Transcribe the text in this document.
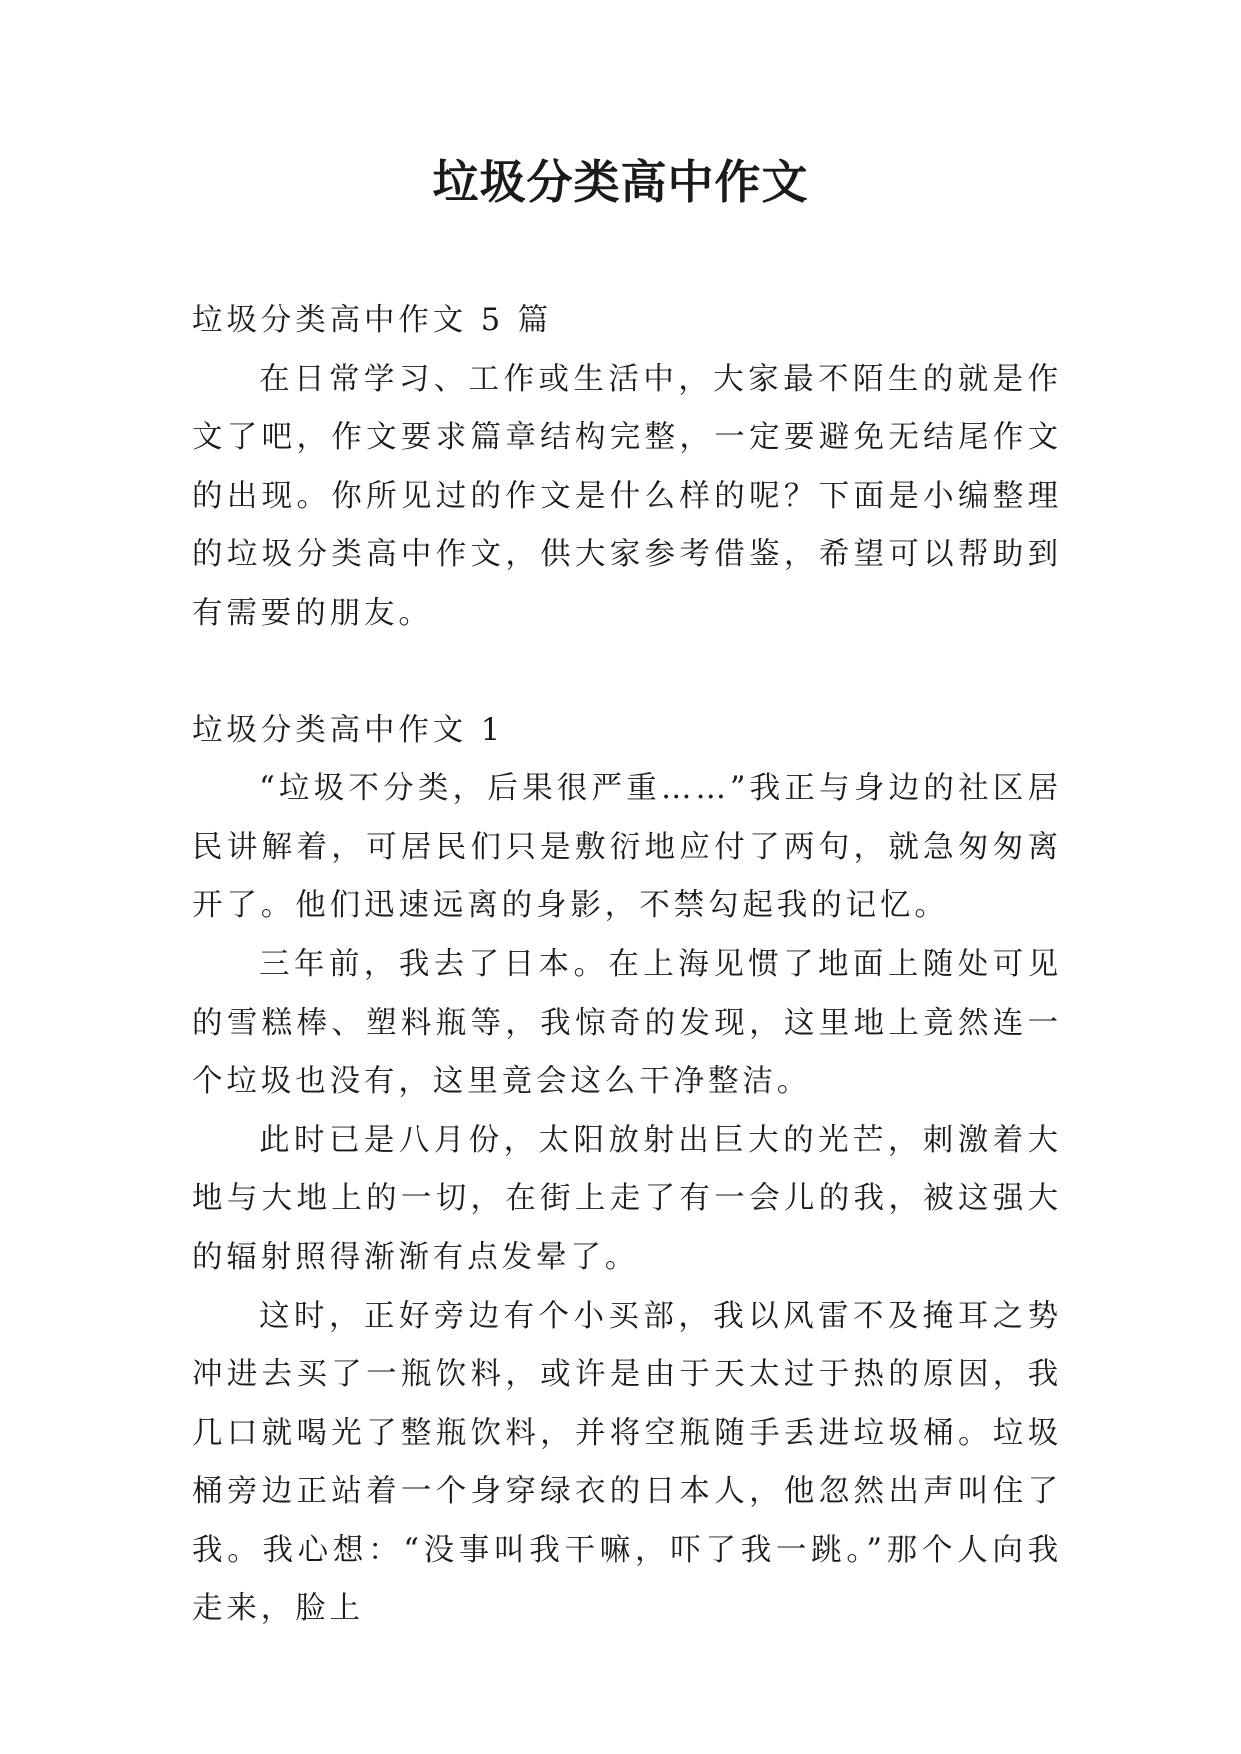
垃圾分类高中作文

垃圾分类高中作文 5 篇

在日常学习、工作或生活中，大家最不陌生的就是作文了吧，作文要求篇章结构完整，一定要避免无结尾作文的出现。你所见过的作文是什么样的呢？下面是小编整理的垃圾分类高中作文，供大家参考借鉴，希望可以帮助到有需要的朋友。

垃圾分类高中作文 1

“垃圾不分类，后果很严重……”我正与身边的社区居民讲解着，可居民们只是敷衍地应付了两句，就急匆匆离开了。他们迅速远离的身影，不禁勾起我的记忆。

三年前，我去了日本。在上海见惯了地面上随处可见的雪糕棒、塑料瓶等，我惊奇的发现，这里地上竟然连一个垃圾也没有，这里竟会这么干净整洁。

此时已是八月份，太阳放射出巨大的光芒，刺激着大地与大地上的一切，在街上走了有一会儿的我，被这强大的辐射照得渐渐有点发晕了。

这时，正好旁边有个小买部，我以风雷不及掩耳之势冲进去买了一瓶饮料，或许是由于天太过于热的原因，我几口就喝光了整瓶饮料，并将空瓶随手丢进垃圾桶。垃圾桶旁边正站着一个身穿绿衣的日本人，他忽然出声叫住了我。我心想：“没事叫我干嘛，吓了我一跳。”那个人向我走来，脸上
